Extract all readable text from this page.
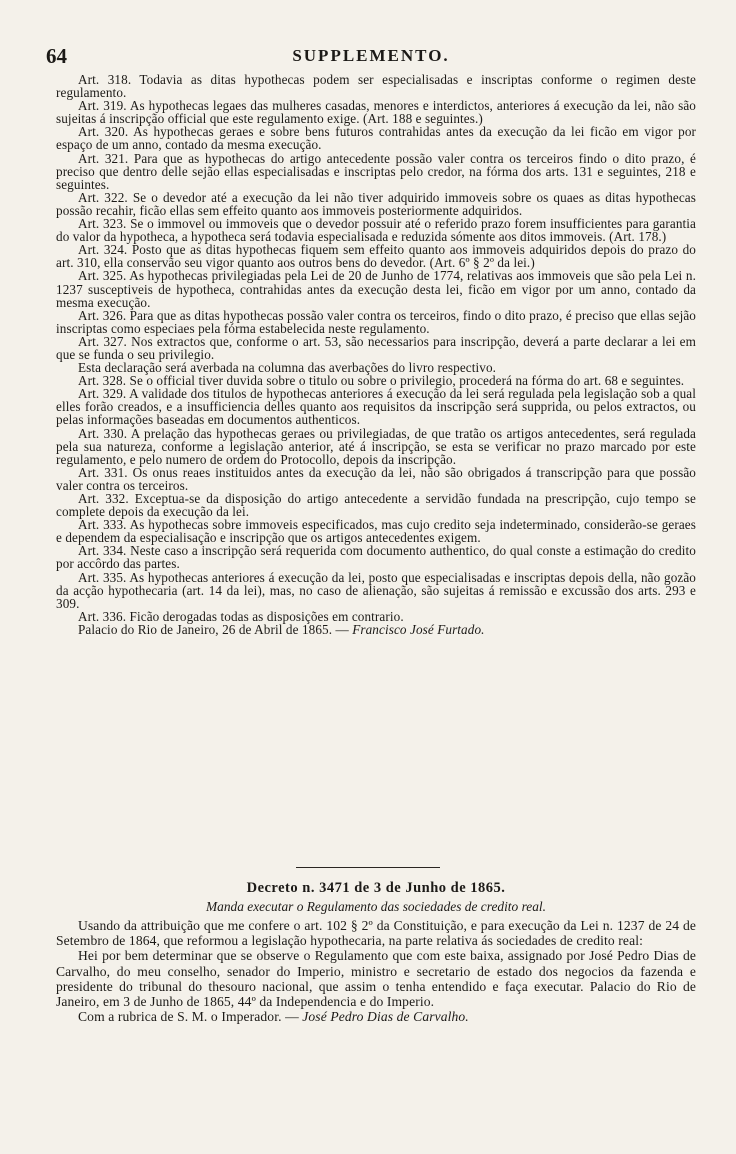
64	SUPPLEMENTO.

Art. 318. Todavia as ditas hypothecas podem ser especialisadas e inscriptas conforme o regimen deste regulamento.

Art. 319. As hypothecas legaes das mulheres casadas, menores e interdictos, anteriores á execução da lei, não são sujeitas á inscripção official que este regulamento exige. (Art. 188 e seguintes.)

Art. 320. As hypothecas geraes e sobre bens futuros contrahidas antes da execução da lei ficão em vigor por espaço de um anno, contado da mesma execução.

Art. 321. Para que as hypothecas do artigo antecedente possão valer contra os terceiros findo o dito prazo, é preciso que dentro delle sejão ellas especialisadas e inscriptas pelo credor, na fórma dos arts. 131 e seguintes, 218 e seguintes.

Art. 322. Se o devedor até a execução da lei não tiver adquirido immoveis sobre os quaes as ditas hypothecas possão recahir, ficão ellas sem effeito quanto aos immoveis posteriormente adquiridos.

Art. 323. Se o immovel ou immoveis que o devedor possuir até o referido prazo forem insufficientes para garantia do valor da hypotheca, a hypotheca será todavia especialisada e reduzida sómente aos ditos immoveis. (Art. 178.)

Art. 324. Posto que as ditas hypothecas fiquem sem effeito quanto aos immoveis adquiridos depois do prazo do art. 310, ella conservão seu vigor quanto aos outros bens do devedor. (Art. 6º § 2º da lei.)

Art. 325. As hypothecas privilegiadas pela Lei de 20 de Junho de 1774, relativas aos immoveis que são pela Lei n. 1237 susceptiveis de hypotheca, contrahidas antes da execução desta lei, ficão em vigor por um anno, contado da mesma execução.

Art. 326. Para que as ditas hypothecas possão valer contra os terceiros, findo o dito prazo, é preciso que ellas sejão inscriptas como especiaes pela fórma estabelecida neste regulamento.

Art. 327. Nos extractos que, conforme o art. 53, são necessarios para inscripção, deverá a parte declarar a lei em que se funda o seu privilegio.

Esta declaração será averbada na columna das averbações do livro respectivo.

Art. 328. Se o official tiver duvida sobre o titulo ou sobre o privilegio, procederá na fórma do art. 68 e seguintes.

Art. 329. A validade dos titulos de hypothecas anteriores á execução da lei será regulada pela legislação sob a qual elles forão creados, e a insufficiencia delles quanto aos requisitos da inscripção será supprida, ou pelos extractos, ou pelas informações baseadas em documentos authenticos.

Art. 330. A prelação das hypothecas geraes ou privilegiadas, de que tratão os artigos antecedentes, será regulada pela sua natureza, conforme a legislação anterior, até á inscripção, se esta se verificar no prazo marcado por este regulamento, e pelo numero de ordem do Protocollo, depois da inscripção.

Art. 331. Os onus reaes instituidos antes da execução da lei, não são obrigados á transcripção para que possão valer contra os terceiros.

Art. 332. Exceptua-se da disposição do artigo antecedente a servidão fundada na prescripção, cujo tempo se complete depois da execução da lei.

Art. 333. As hypothecas sobre immoveis especificados, mas cujo credito seja indeterminado, considerão-se geraes e dependem da especialisação e inscripção que os artigos antecedentes exigem.

Art. 334. Neste caso a inscripção será requerida com documento authentico, do qual conste a estimação do credito por accôrdo das partes.

Art. 335. As hypothecas anteriores á execução da lei, posto que especialisadas e inscriptas depois della, não gozão da acção hypothecaria (art. 14 da lei), mas, no caso de alienação, são sujeitas á remissão e excussão dos arts. 293 e 309.

Art. 336. Ficão derogadas todas as disposições em contrario.

Palacio do Rio de Janeiro, 26 de Abril de 1865. — Francisco José Furtado.

Decreto n. 3471 de 3 de Junho de 1865.

Manda executar o Regulamento das sociedades de credito real.

Usando da attribuição que me confere o art. 102 § 2º da Constituição, e para execução da Lei n. 1237 de 24 de Setembro de 1864, que reformou a legislação hypothecaria, na parte relativa ás sociedades de credito real:

Hei por bem determinar que se observe o Regulamento que com este baixa, assignado por José Pedro Dias de Carvalho, do meu conselho, senador do Imperio, ministro e secretario de estado dos negocios da fazenda e presidente do tribunal do thesouro nacional, que assim o tenha entendido e faça executar. Palacio do Rio de Janeiro, em 3 de Junho de 1865, 44º da Independencia e do Imperio.

Com a rubrica de S. M. o Imperador. — José Pedro Dias de Carvalho.
